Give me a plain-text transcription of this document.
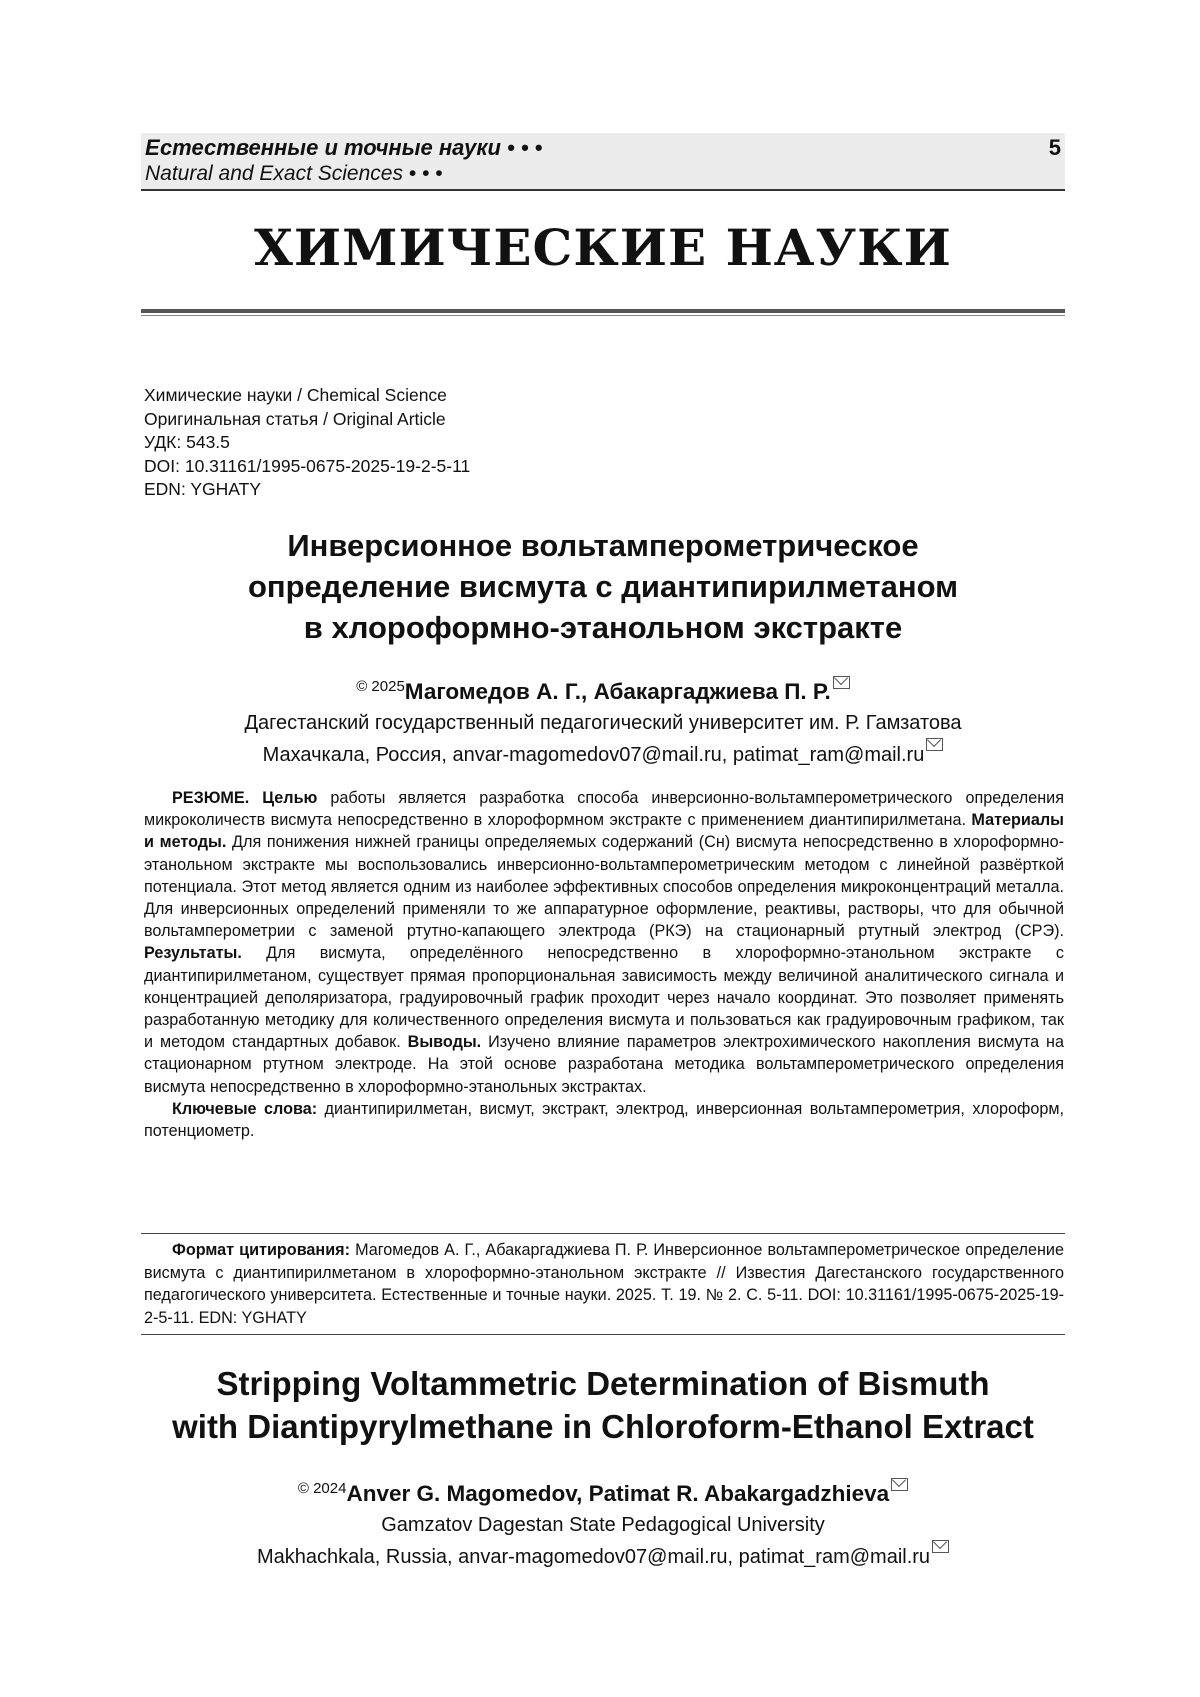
Естественные и точные науки • • •
Natural and Exact Sciences • • •
5
ХИМИЧЕСКИЕ НАУКИ
Химические науки / Chemical Science
Оригинальная статья / Original Article
УДК: 543.5
DOI: 10.31161/1995-0675-2025-19-2-5-11
EDN: YGHATY
Инверсионное вольтамперометрическое
определение висмута с диантипирилметаном
в хлороформно-этанольном экстракте
$^{© 2025}$Магомедов А. Г., Абакаргаджиева П. Р.
Дагестанский государственный педагогический университет им. Р. Гамзатова
Махачкала, Россия, anvar-magomedov07@mail.ru, patimat_ram@mail.ru

РЕЗЮМЕ. Целью работы является разработка способа инверсионно-вольтамперометрического определения микроколичеств висмута непосредственно в хлороформном экстракте с применением диантипирилметана. Материалы и методы. Для понижения нижней границы определяемых содержаний (Cн) висмута непосредственно в хлороформно-этанольном экстракте мы воспользовались инверсионно-вольтамперометрическим методом с линейной развёрткой потенциала. Этот метод является одним из наиболее эффективных способов определения микроконцентраций металла. Для инверсионных определений применяли то же аппаратурное оформление, реактивы, растворы, что для обычной вольтамперометрии с заменой ртутно-капающего электрода (РКЭ) на стационарный ртутный электрод (СРЭ). Результаты. Для висмута, определённого непосредственно в хлороформно-этанольном экстракте с диантипирилметаном, существует прямая пропорциональная зависимость между величиной аналитического сигнала и концентрацией деполяризатора, градуировочный график проходит через начало координат. Это позволяет применять разработанную методику для количественного определения висмута и пользоваться как градуировочным графиком, так и методом стандартных добавок. Выводы. Изучено влияние параметров электрохимического накопления висмута на стационарном ртутном электроде. На этой основе разработана методика вольтамперометрического определения висмута непосредственно в хлороформно-этанольных экстрактах.

Ключевые слова: диантипирилметан, висмут, экстракт, электрод, инверсионная вольтамперометрия, хлороформ, потенциометр.

Формат цитирования: Магомедов А. Г., Абакаргаджиева П. Р. Инверсионное вольтамперометрическое определение висмута с диантипирилметаном в хлороформно-этанольном экстракте // Известия Дагестанского государственного педагогического университета. Естественные и точные науки. 2025. Т. 19. № 2. С. 5-11. DOI: 10.31161/1995-0675-2025-19-2-5-11. EDN: YGHATY
Stripping Voltammetric Determination of Bismuth
with Diantipyrylmethane in Chloroform-Ethanol Extract
$^{© 2024}$Anver G. Magomedov, Patimat R. Abakargadzhieva
Gamzatov Dagestan State Pedagogical University
Makhachkala, Russia, anvar-magomedov07@mail.ru, patimat_ram@mail.ru
